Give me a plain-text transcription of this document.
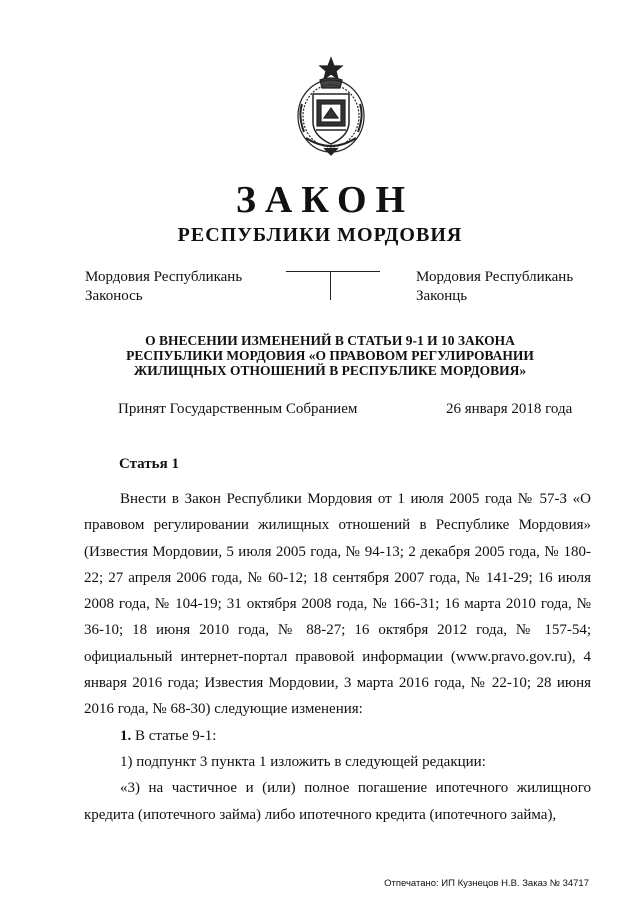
ЗАКОН
РЕСПУБЛИКИ МОРДОВИЯ
Мордовия Республикань
Законось
Мордовия Республикань
Законць
О ВНЕСЕНИИ ИЗМЕНЕНИЙ В СТАТЬИ 9-1 И 10 ЗАКОНА
РЕСПУБЛИКИ МОРДОВИЯ «О ПРАВОВОМ РЕГУЛИРОВАНИИ
ЖИЛИЩНЫХ ОТНОШЕНИЙ В РЕСПУБЛИКЕ МОРДОВИЯ»
Принят Государственным Собранием	26 января 2018 года
Статья 1

Внести в Закон Республики Мордовия от 1 июля 2005 года № 57-З «О правовом регулировании жилищных отношений в Республике Мордовия» (Известия Мордовии, 5 июля 2005 года, № 94-13; 2 декабря 2005 года, № 180-22; 27 апреля 2006 года, № 60-12; 18 сентября 2007 года, № 141-29; 16 июля 2008 года, № 104-19; 31 октября 2008 года, № 166-31; 16 марта 2010 года, № 36-10; 18 июня 2010 года, № 88-27; 16 октября 2012 года, № 157-54; официальный интернет-портал правовой информации (www.pravo.gov.ru), 4 января 2016 года; Известия Мордовии, 3 марта 2016 года, № 22-10; 28 июня 2016 года, № 68-30) следующие изменения:

1. В статье 9-1:

1) подпункт 3 пункта 1 изложить в следующей редакции:

«3) на частичное и (или) полное погашение ипотечного жилищного кредита (ипотечного займа) либо ипотечного кредита (ипотечного займа),

Отпечатано: ИП Кузнецов Н.В. Заказ № 34717
